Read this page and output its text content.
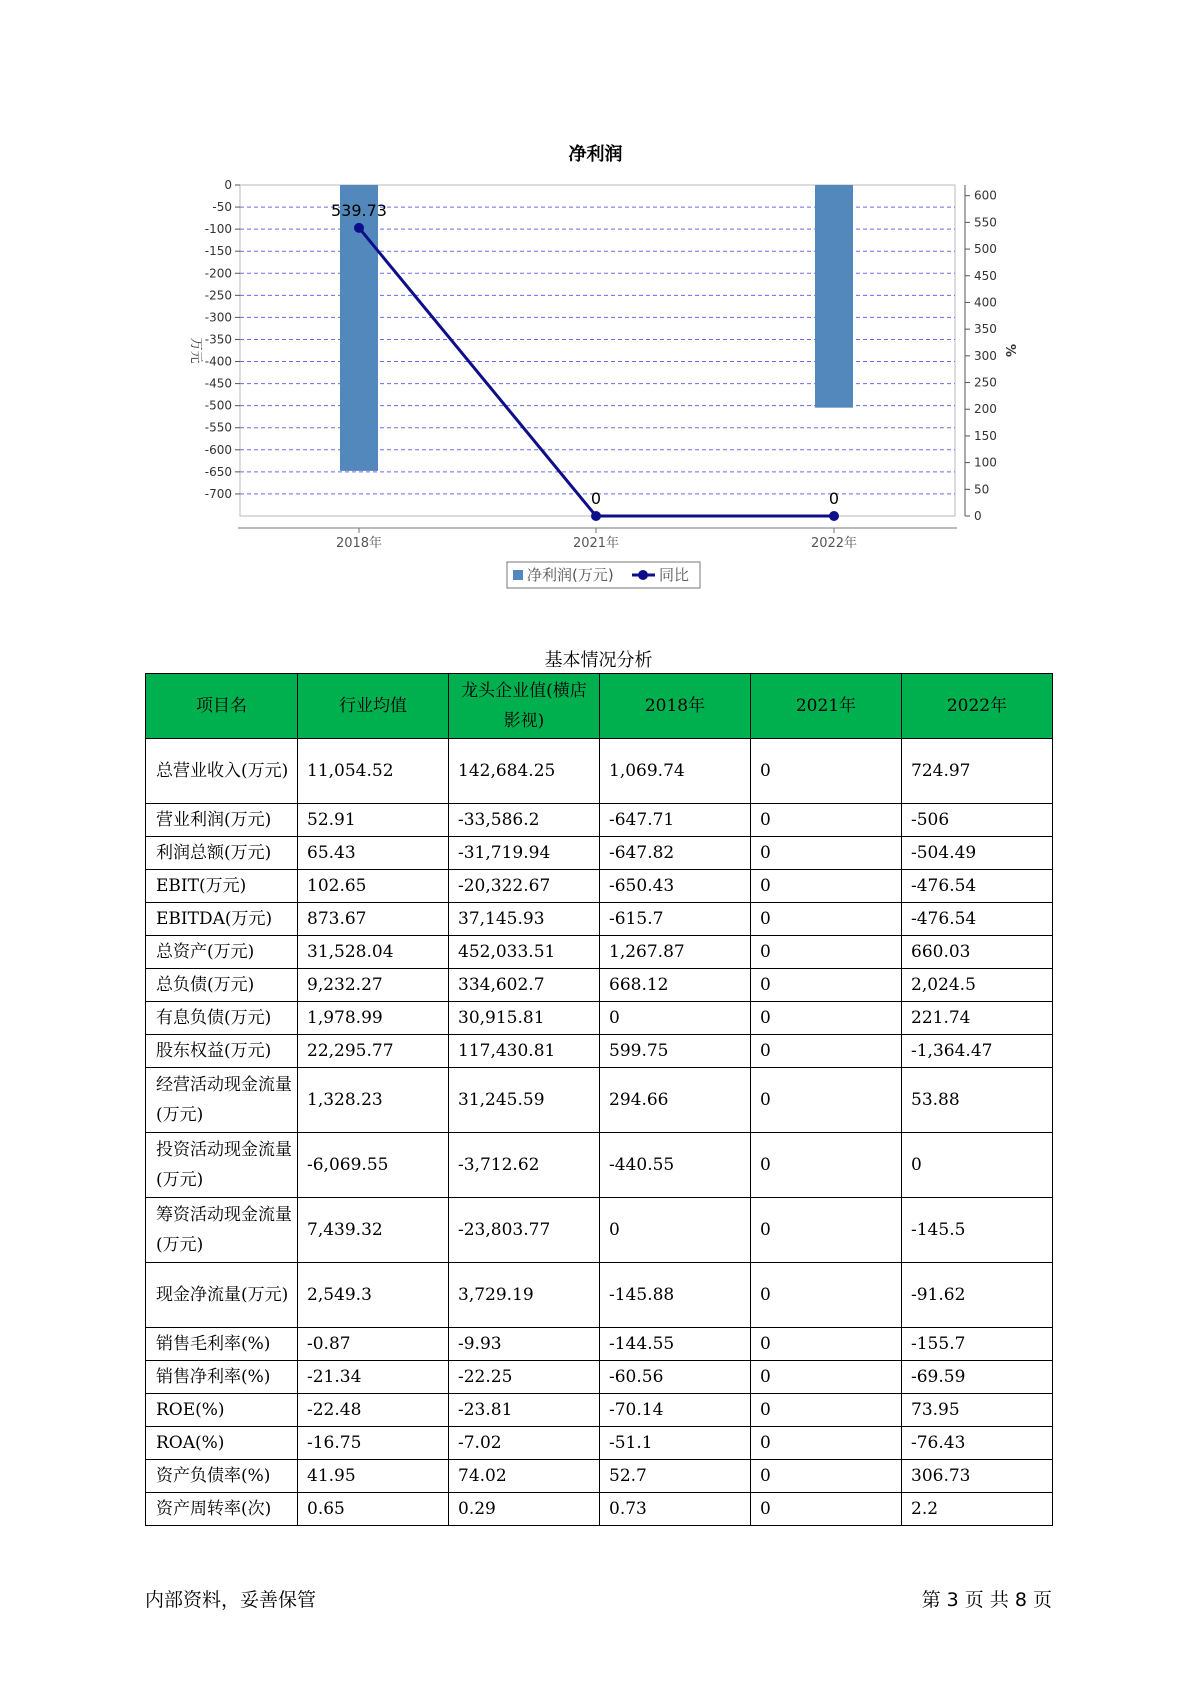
净利润
0
-50
-100
-150
-200
-250
-300
-350
-400
-450
-500
-550
-600
-650
-700
600
550
500
450
400
350
300
250
200
150
100
50
0
2018年	2021年	2022年
万元	%
539.73
0	0
净利润(万元)	同比
基本情况分析
项目名	行业均值	龙头企业值(横店影视)	2018年	2021年	2022年
总营业收入(万元)	11,054.52	142,684.25	1,069.74	0	724.97
营业利润(万元)	52.91	-33,586.2	-647.71	0	-506
利润总额(万元)	65.43	-31,719.94	-647.82	0	-504.49
EBIT(万元)	102.65	-20,322.67	-650.43	0	-476.54
EBITDA(万元)	873.67	37,145.93	-615.7	0	-476.54
总资产(万元)	31,528.04	452,033.51	1,267.87	0	660.03
总负债(万元)	9,232.27	334,602.7	668.12	0	2,024.5
有息负债(万元)	1,978.99	30,915.81	0	0	221.74
股东权益(万元)	22,295.77	117,430.81	599.75	0	-1,364.47
经营活动现金流量(万元)	1,328.23	31,245.59	294.66	0	53.88
投资活动现金流量(万元)	-6,069.55	-3,712.62	-440.55	0	0
筹资活动现金流量(万元)	7,439.32	-23,803.77	0	0	-145.5
现金净流量(万元)	2,549.3	3,729.19	-145.88	0	-91.62
销售毛利率(%)	-0.87	-9.93	-144.55	0	-155.7
销售净利率(%)	-21.34	-22.25	-60.56	0	-69.59
ROE(%)	-22.48	-23.81	-70.14	0	73.95
ROA(%)	-16.75	-7.02	-51.1	0	-76.43
资产负债率(%)	41.95	74.02	52.7	0	306.73
资产周转率(次)	0.65	0.29	0.73	0	2.2
内部资料，妥善保管	第 3 页 共 8 页
